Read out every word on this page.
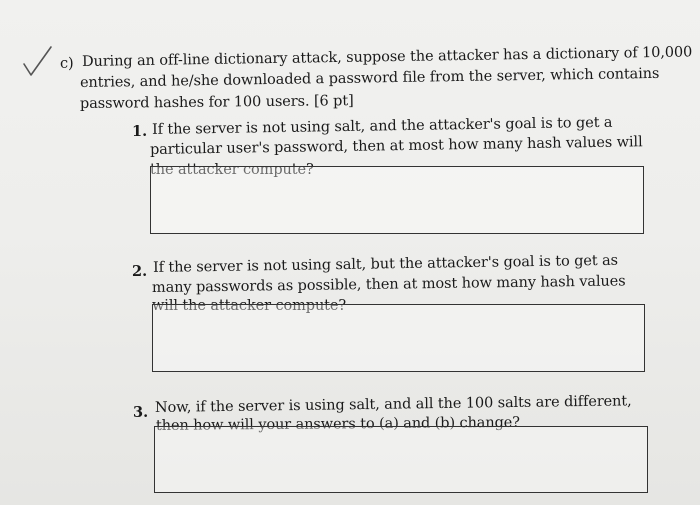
c) During an off-line dictionary attack, suppose the attacker has a dictionary of 10,000
entries, and he/she downloaded a password file from the server, which contains
password hashes for 100 users. [6 pt]
1. If the server is not using salt, and the attacker's goal is to get a
particular user's password, then at most how many hash values will
the attacker compute?
2. If the server is not using salt, but the attacker's goal is to get as
many passwords as possible, then at most how many hash values
will the attacker compute?
3. Now, if the server is using salt, and all the 100 salts are different,
then how will your answers to (a) and (b) change?
